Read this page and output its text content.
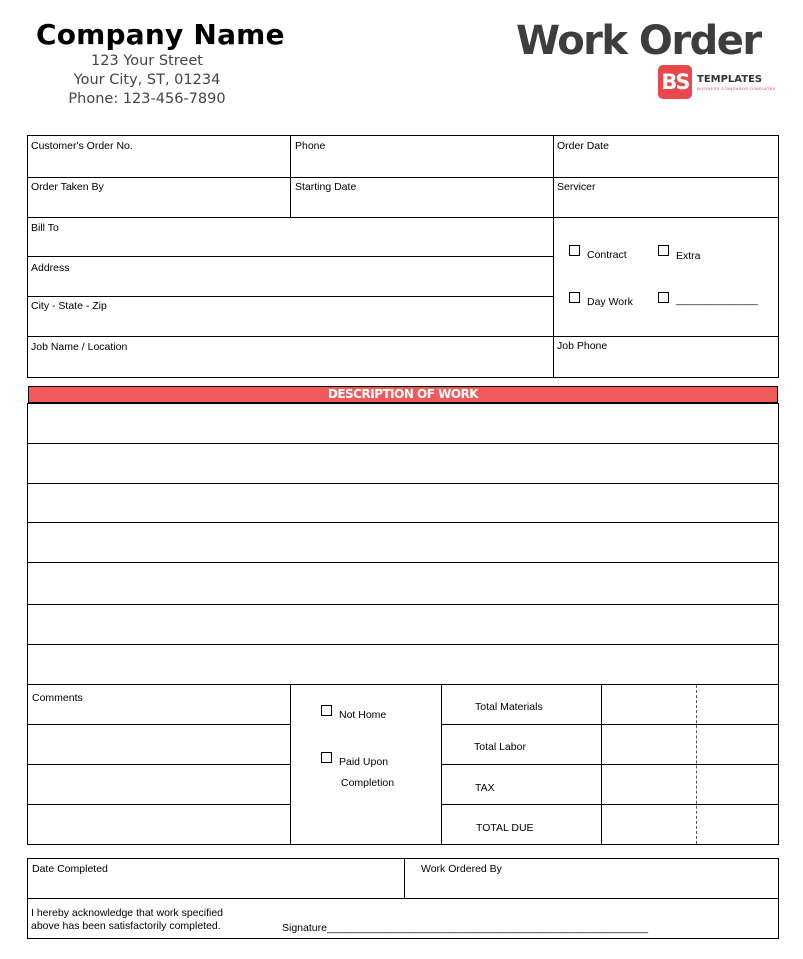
Company Name
123 Your Street
Your City, ST, 01234
Phone: 123-456-7890
Work Order
BS TEMPLATES
BUSINESS STANDARDS TEMPLATES
Customer's Order No.	Phone	Order Date
Order Taken By	Starting Date	Servicer
Bill To
Address
City - State - Zip
Job Name / Location	Job Phone
Contract	Extra
Day Work	______________
DESCRIPTION OF WORK
Comments
Not Home
Paid Upon
Completion
Total Materials
Total Labor
TAX
TOTAL DUE
Date Completed	Work Ordered By
I hereby acknowledge that work specified
above has been satisfactorily completed.	Signature_______________________________________________________
